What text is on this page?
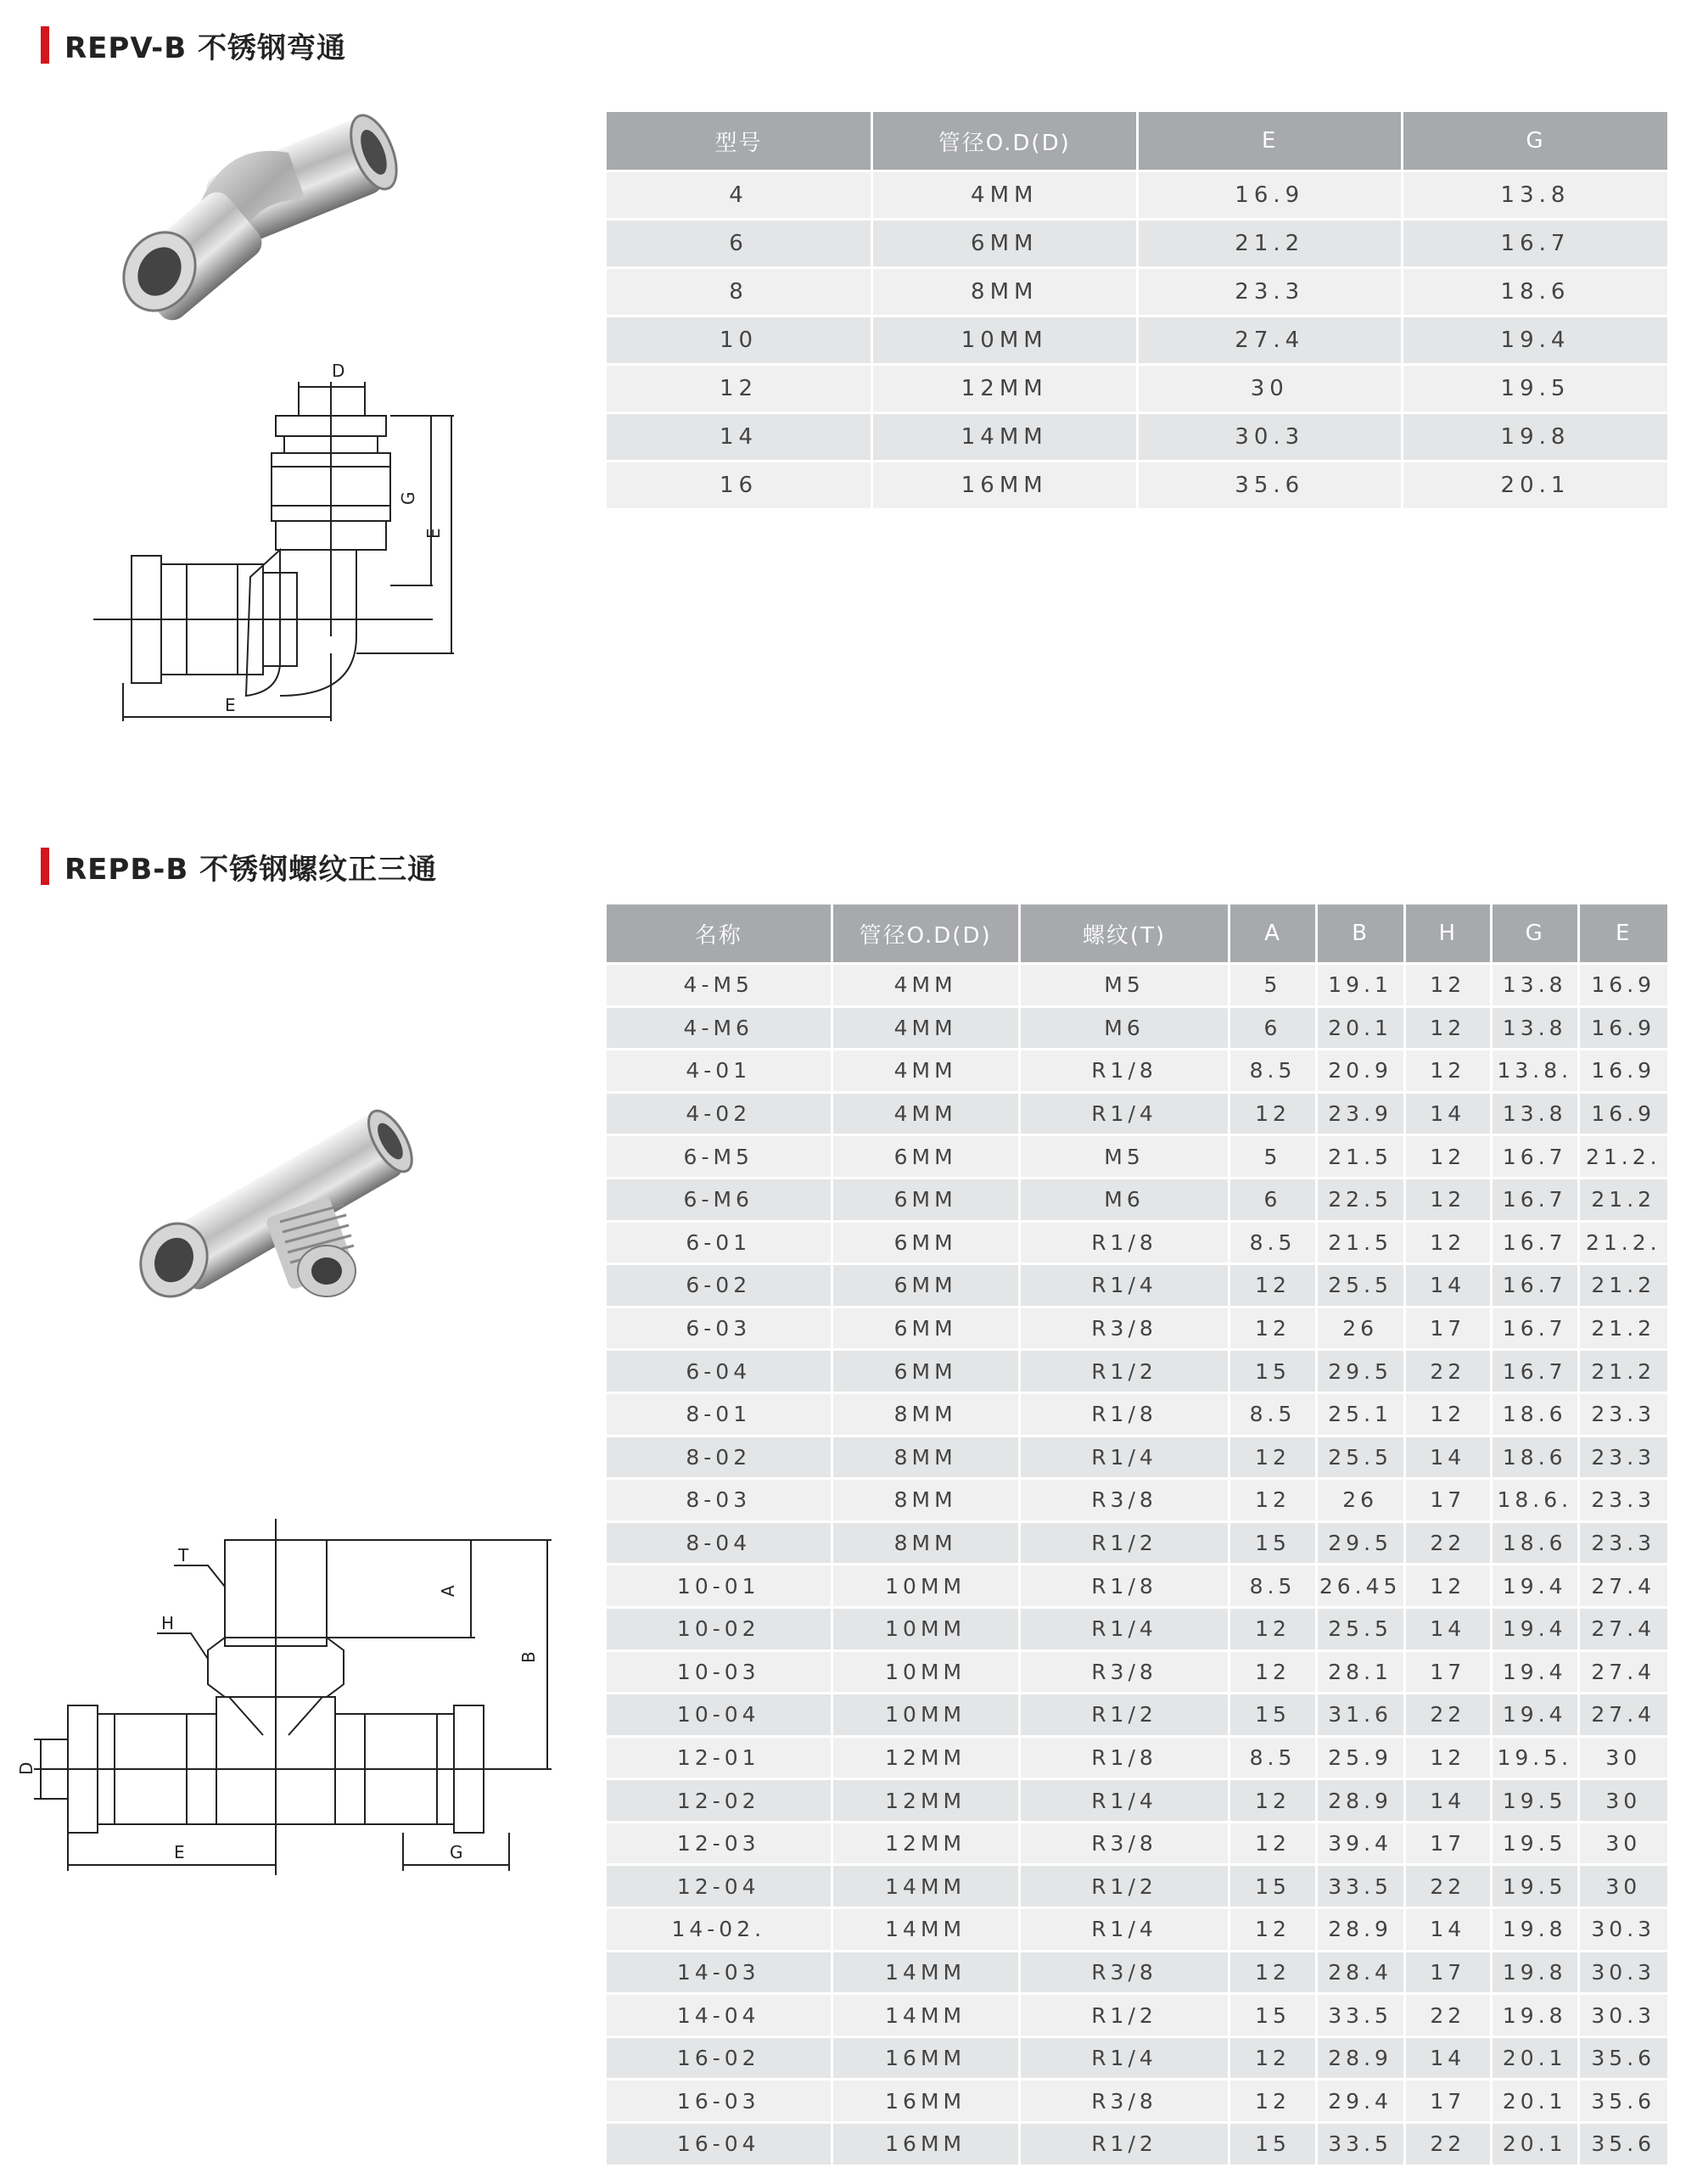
REPV-B 不锈钢弯通
D
G
E
E
型号	管径O.D(D)	E	G
4	4MM	16.9	13.8
6	6MM	21.2	16.7
8	8MM	23.3	18.6
10	10MM	27.4	19.4
12	12MM	30	19.5
14	14MM	30.3	19.8
16	16MM	35.6	20.1
REPB-B 不锈钢螺纹正三通
T
H
A
B
D
E	G
名称	管径O.D(D)	螺纹(T)	A	B	H	G	E
4-M5	4MM	M5	5	19.1	12	13.8	16.9
4-M6	4MM	M6	6	20.1	12	13.8	16.9
4-01	4MM	R1/8	8.5	20.9	12	13.8.	16.9
4-02	4MM	R1/4	12	23.9	14	13.8	16.9
6-M5	6MM	M5	5	21.5	12	16.7	21.2.
6-M6	6MM	M6	6	22.5	12	16.7	21.2
6-01	6MM	R1/8	8.5	21.5	12	16.7	21.2.
6-02	6MM	R1/4	12	25.5	14	16.7	21.2
6-03	6MM	R3/8	12	26	17	16.7	21.2
6-04	6MM	R1/2	15	29.5	22	16.7	21.2
8-01	8MM	R1/8	8.5	25.1	12	18.6	23.3
8-02	8MM	R1/4	12	25.5	14	18.6	23.3
8-03	8MM	R3/8	12	26	17	18.6.	23.3
8-04	8MM	R1/2	15	29.5	22	18.6	23.3
10-01	10MM	R1/8	8.5	26.45	12	19.4	27.4
10-02	10MM	R1/4	12	25.5	14	19.4	27.4
10-03	10MM	R3/8	12	28.1	17	19.4	27.4
10-04	10MM	R1/2	15	31.6	22	19.4	27.4
12-01	12MM	R1/8	8.5	25.9	12	19.5.	30
12-02	12MM	R1/4	12	28.9	14	19.5	30
12-03	12MM	R3/8	12	39.4	17	19.5	30
12-04	14MM	R1/2	15	33.5	22	19.5	30
14-02.	14MM	R1/4	12	28.9	14	19.8	30.3
14-03	14MM	R3/8	12	28.4	17	19.8	30.3
14-04	14MM	R1/2	15	33.5	22	19.8	30.3
16-02	16MM	R1/4	12	28.9	14	20.1	35.6
16-03	16MM	R3/8	12	29.4	17	20.1	35.6
16-04	16MM	R1/2	15	33.5	22	20.1	35.6
